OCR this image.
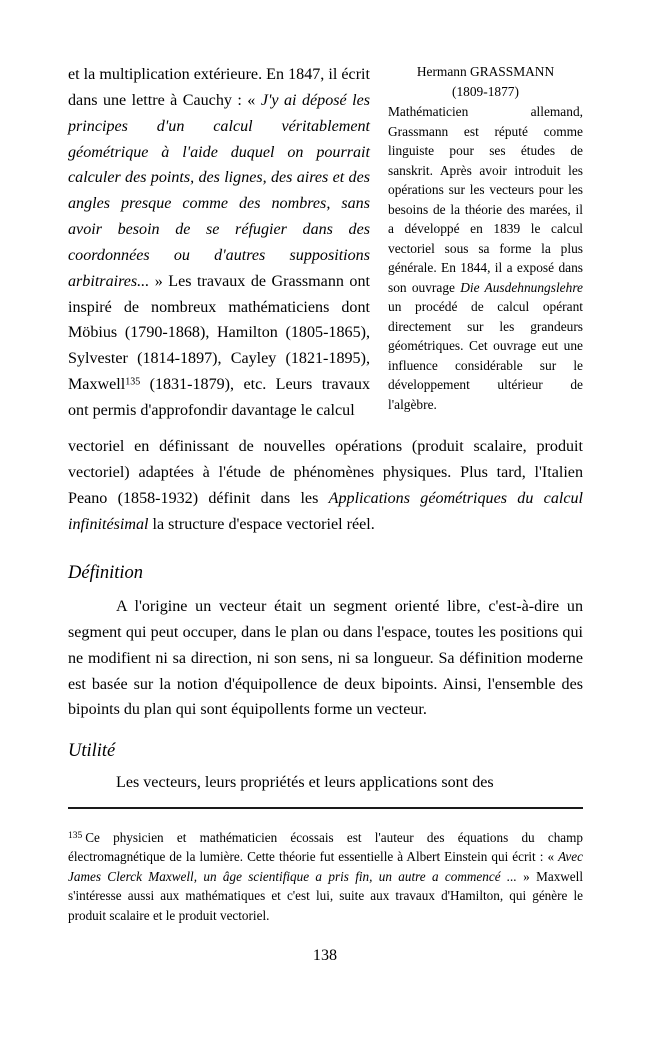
et la multiplication extérieure. En 1847, il écrit dans une lettre à Cauchy : « J'y ai déposé les principes d'un calcul véritablement géométrique à l'aide duquel on pourrait calculer des points, des lignes, des aires et des angles presque comme des nombres, sans avoir besoin de se réfugier dans des coordonnées ou d'autres suppositions arbitraires... » Les travaux de Grassmann ont inspiré de nombreux mathématiciens dont Möbius (1790-1868), Hamilton (1805-1865), Sylvester (1814-1897), Cayley (1821-1895), Maxwell$^{135}$ (1831-1879), etc. Leurs travaux ont permis d'approfondir davantage le calcul
Hermann GRASSMANN
(1809-1877)
Mathématicien allemand, Grassmann est réputé comme linguiste pour ses études de sanskrit. Après avoir introduit les opérations sur les vecteurs pour les besoins de la théorie des marées, il a développé en 1839 le calcul vectoriel sous sa forme la plus générale. En 1844, il a exposé dans son ouvrage Die Ausdehnungslehre un procédé de calcul opérant directement sur les grandeurs géométriques. Cet ouvrage eut une influence considérable sur le développement ultérieur de l'algèbre.
vectoriel en définissant de nouvelles opérations (produit scalaire, produit vectoriel) adaptées à l'étude de phénomènes physiques. Plus tard, l'Italien Peano (1858-1932) définit dans les Applications géométriques du calcul infinitésimal la structure d'espace vectoriel réel.
Définition
A l'origine un vecteur était un segment orienté libre, c'est-à-dire un segment qui peut occuper, dans le plan ou dans l'espace, toutes les positions qui ne modifient ni sa direction, ni son sens, ni sa longueur. Sa définition moderne est basée sur la notion d'équipollence de deux bipoints. Ainsi, l'ensemble des bipoints du plan qui sont équipollents forme un vecteur.
Utilité
Les vecteurs, leurs propriétés et leurs applications sont des
$^{135}$ Ce physicien et mathématicien écossais est l'auteur des équations du champ électromagnétique de la lumière. Cette théorie fut essentielle à Albert Einstein qui écrit : « Avec James Clerck Maxwell, un âge scientifique a pris fin, un autre a commencé ... » Maxwell s'intéresse aussi aux mathématiques et c'est lui, suite aux travaux d'Hamilton, qui génère le produit scalaire et le produit vectoriel.
138
